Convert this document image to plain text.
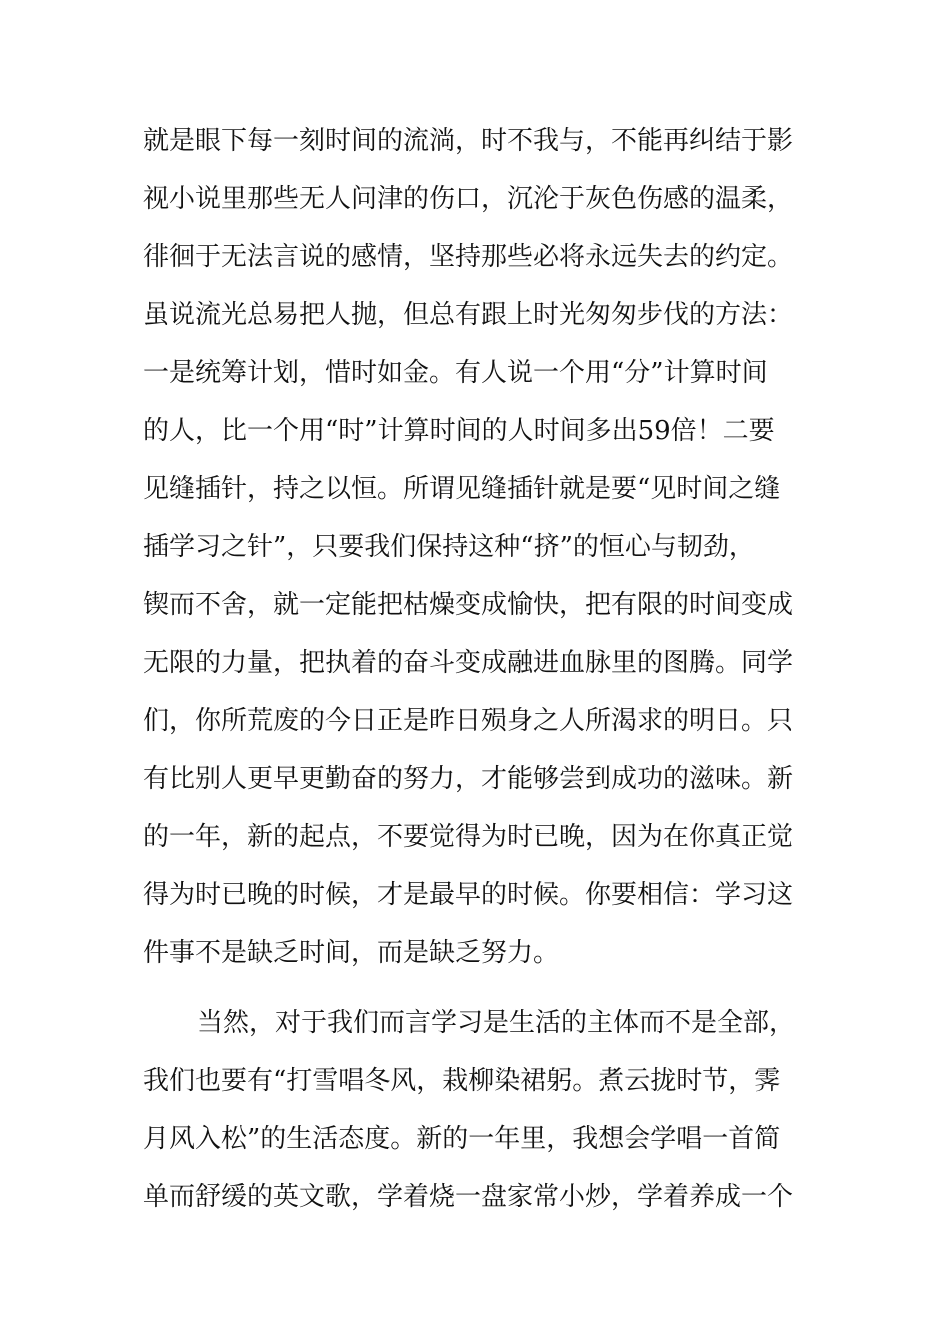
就是眼下每一刻时间的流淌，时不我与，不能再纠结于影
视小说里那些无人问津的伤口，沉沦于灰色伤感的温柔，
徘徊于无法言说的感情，坚持那些必将永远失去的约定。
虽说流光总易把人抛，但总有跟上时光匆匆步伐的方法：
一是统筹计划，惜时如金。有人说一个用“分”计算时间
的人，比一个用“时”计算时间的人时间多出59倍！二要
见缝插针，持之以恒。所谓见缝插针就是要“见时间之缝
插学习之针”，只要我们保持这种“挤”的恒心与韧劲，
锲而不舍，就一定能把枯燥变成愉快，把有限的时间变成
无限的力量，把执着的奋斗变成融进血脉里的图腾。同学
们，你所荒废的今日正是昨日殒身之人所渴求的明日。只
有比别人更早更勤奋的努力，才能够尝到成功的滋味。新
的一年，新的起点，不要觉得为时已晚，因为在你真正觉
得为时已晚的时候，才是最早的时候。你要相信：学习这
件事不是缺乏时间，而是缺乏努力。
当然，对于我们而言学习是生活的主体而不是全部，
我们也要有“打雪唱冬风，栽柳染裙躬。煮云拢时节，霁
月风入松”的生活态度。新的一年里，我想会学唱一首简
单而舒缓的英文歌，学着烧一盘家常小炒，学着养成一个
